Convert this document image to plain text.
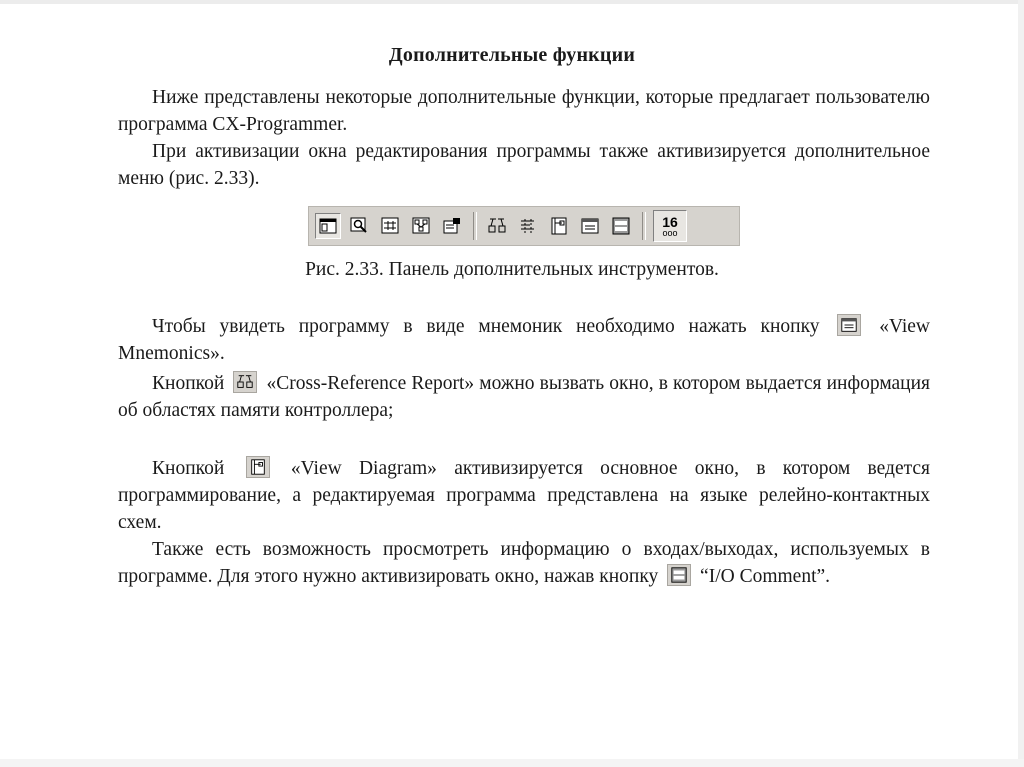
Дополнительные функции
Ниже представлены некоторые дополнительные функции, которые предлагает пользователю программа CX-Programmer.
При активизации окна редактирования программы также активизируется дополнительное меню (рис. 2.33).
16
ooo
Рис. 2.33. Панель дополнительных инструментов.
Чтобы увидеть программу в виде мнемоник необходимо нажать кнопку	«View Mnemonics».
Кнопкой «Cross-Reference Report» можно вызвать окно, в котором выдается информация об областях памяти контроллера;
Кнопкой	«View Diagram» активизируется основное окно, в котором ведется программирование, а редактируемая программа представлена на языке релейно-контактных схем.
Также есть возможность просмотреть информацию о входах/выходах, используемых в программе. Для этого нужно активизировать окно, нажав кнопку “I/O Comment”.
